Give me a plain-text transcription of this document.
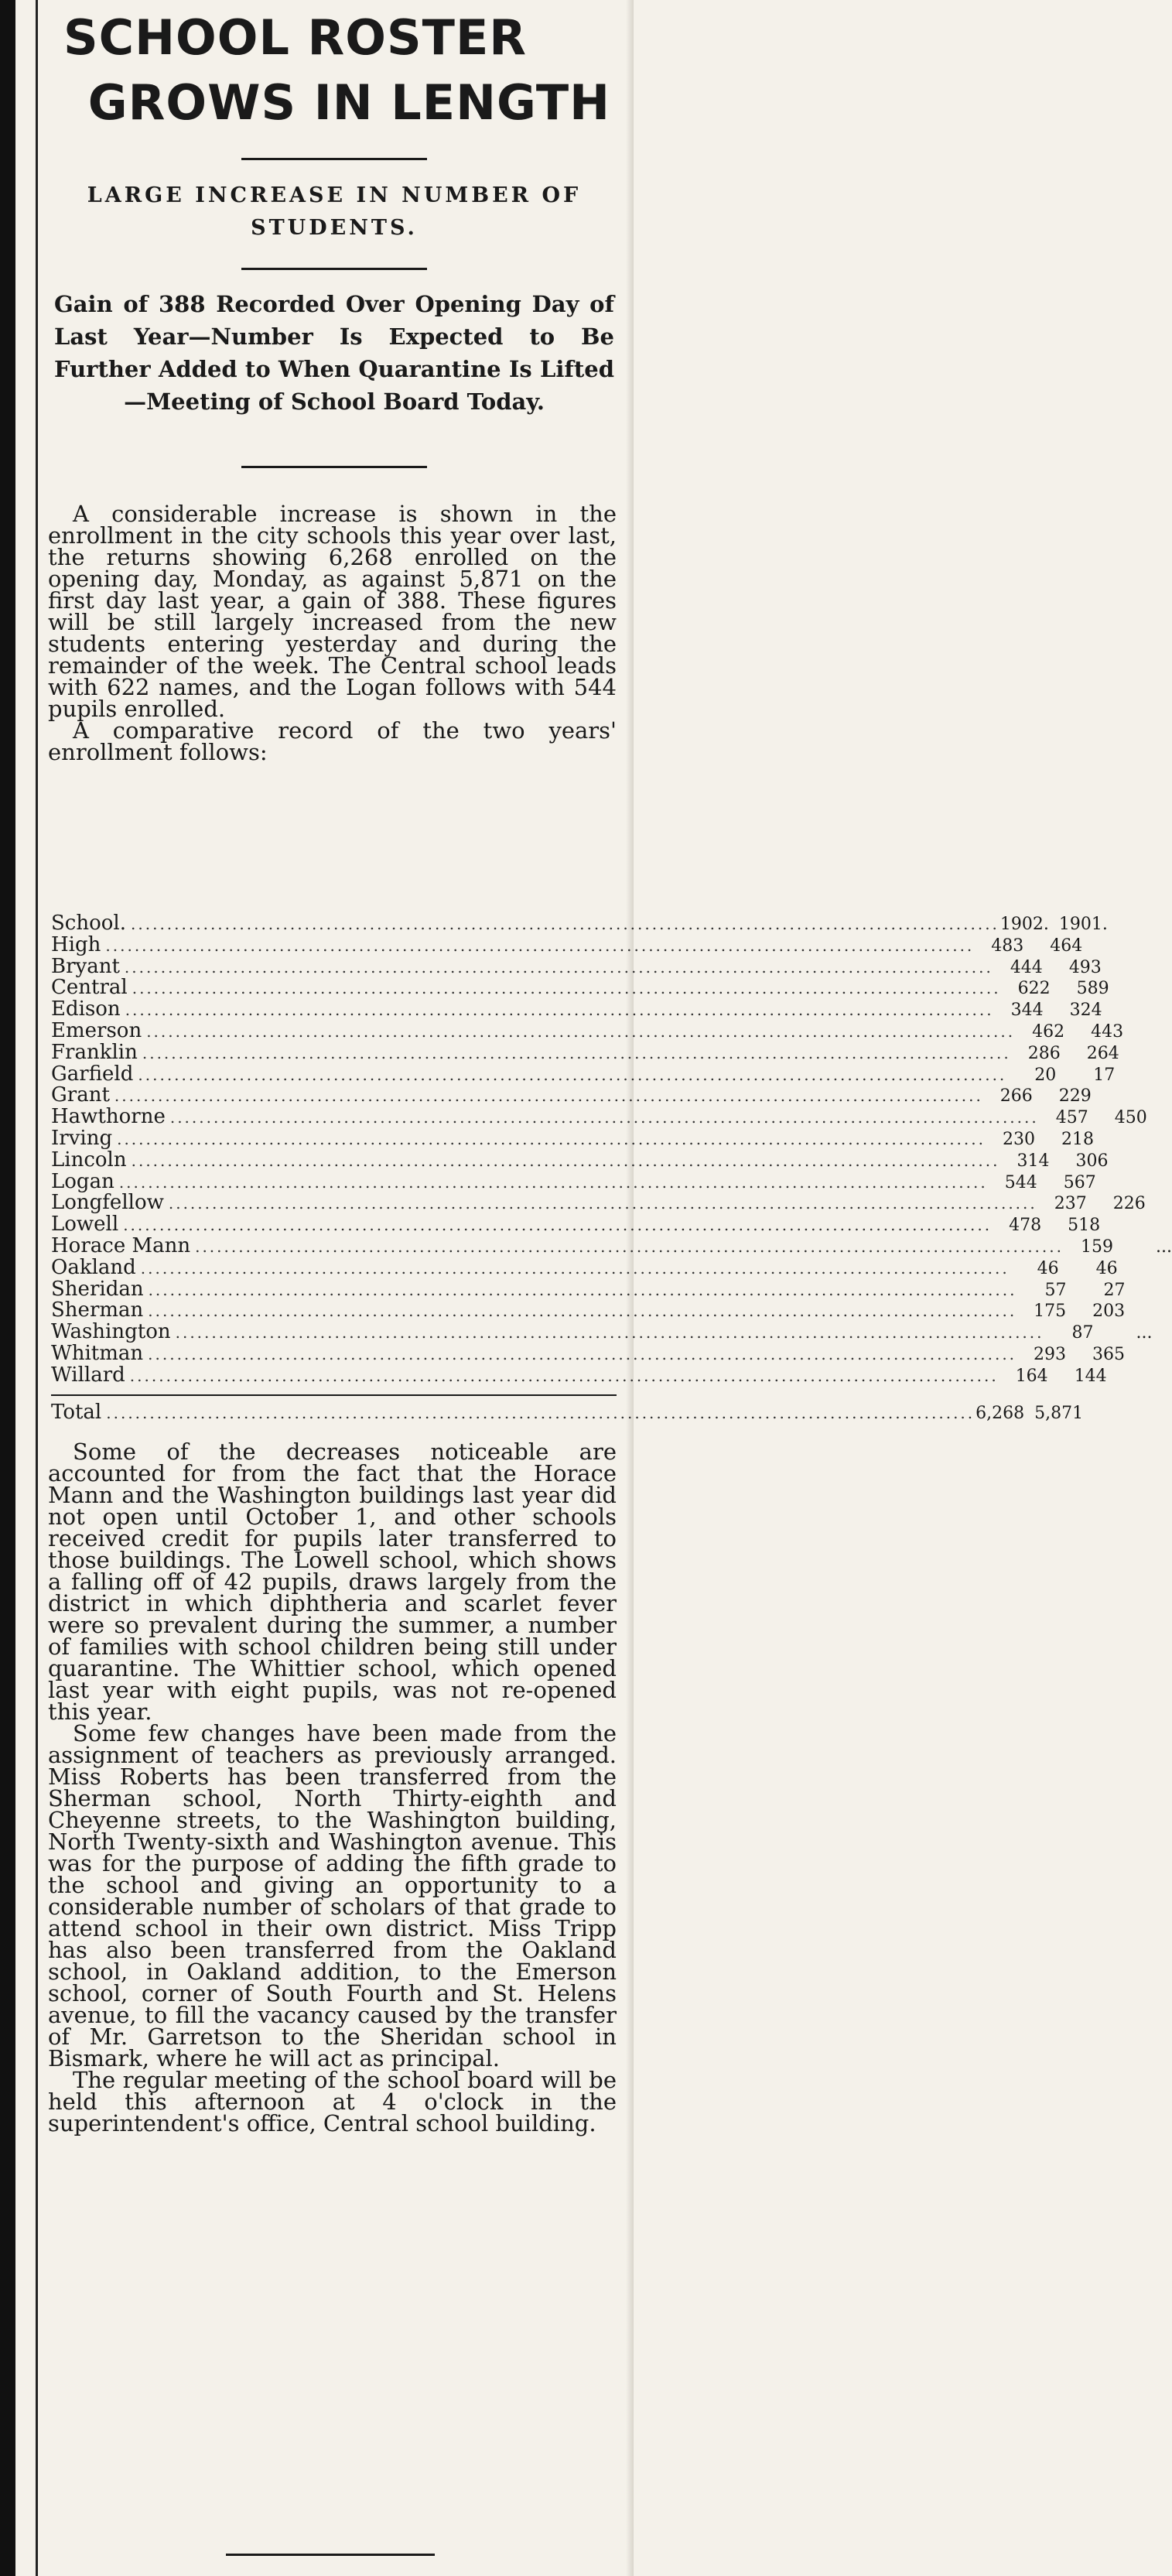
SCHOOL ROSTER
GROWS IN LENGTH
LARGE INCREASE IN NUMBER OF STUDENTS.
Gain of 388 Recorded Over Opening Day of Last Year—Number Is Expected to Be Further Added to When Quarantine Is Lifted—Meeting of School Board Today.

A considerable increase is shown in the enrollment in the city schools this year over last, the returns showing 6,268 enrolled on the opening day, Monday, as against 5,871 on the first day last year, a gain of 388. These figures will be still largely increased from the new students entering yesterday and during the remainder of the week. The Central school leads with 622 names, and the Logan follows with 544 pupils enrolled.

A comparative record of the two years' enrollment follows:

School. ........................................................................................................................ 1902. 1901.
High ........................................................................................................................	483	464
Bryant ........................................................................................................................	444	493
Central ........................................................................................................................	622	589
Edison ........................................................................................................................	344	324
Emerson ........................................................................................................................	462	443
Franklin ........................................................................................................................	286	264
Garfield ........................................................................................................................	20	17
Grant ........................................................................................................................	266	229
Hawthorne ........................................................................................................................	457	450
Irving ........................................................................................................................	230	218
Lincoln ........................................................................................................................	314	306
Logan ........................................................................................................................	544	567
Longfellow ........................................................................................................................	237	226
Lowell ........................................................................................................................	478	518
Horace Mann ........................................................................................................................	159	...
Oakland ........................................................................................................................	46	46
Sheridan ........................................................................................................................	57	27
Sherman ........................................................................................................................	175	203
Washington ........................................................................................................................	87	...
Whitman ........................................................................................................................	293	365
Willard ........................................................................................................................	164	144
Total ........................................................................................................................ 6,268 5,871

Some of the decreases noticeable are accounted for from the fact that the Horace Mann and the Washington buildings last year did not open until October 1, and other schools received credit for pupils later transferred to those buildings. The Lowell school, which shows a falling off of 42 pupils, draws largely from the district in which diphtheria and scarlet fever were so prevalent during the summer, a number of families with school children being still under quarantine. The Whittier school, which opened last year with eight pupils, was not re-opened this year.

Some few changes have been made from the assignment of teachers as previously arranged. Miss Roberts has been transferred from the Sherman school, North Thirty-eighth and Cheyenne streets, to the Washington building, North Twenty-sixth and Washington avenue. This was for the purpose of adding the fifth grade to the school and giving an opportunity to a considerable number of scholars of that grade to attend school in their own district. Miss Tripp has also been transferred from the Oakland school, in Oakland addition, to the Emerson school, corner of South Fourth and St. Helens avenue, to fill the vacancy caused by the transfer of Mr. Garretson to the Sheridan school in Bismark, where he will act as principal.

The regular meeting of the school board will be held this afternoon at 4 o'clock in the superintendent's office, Central school building.
